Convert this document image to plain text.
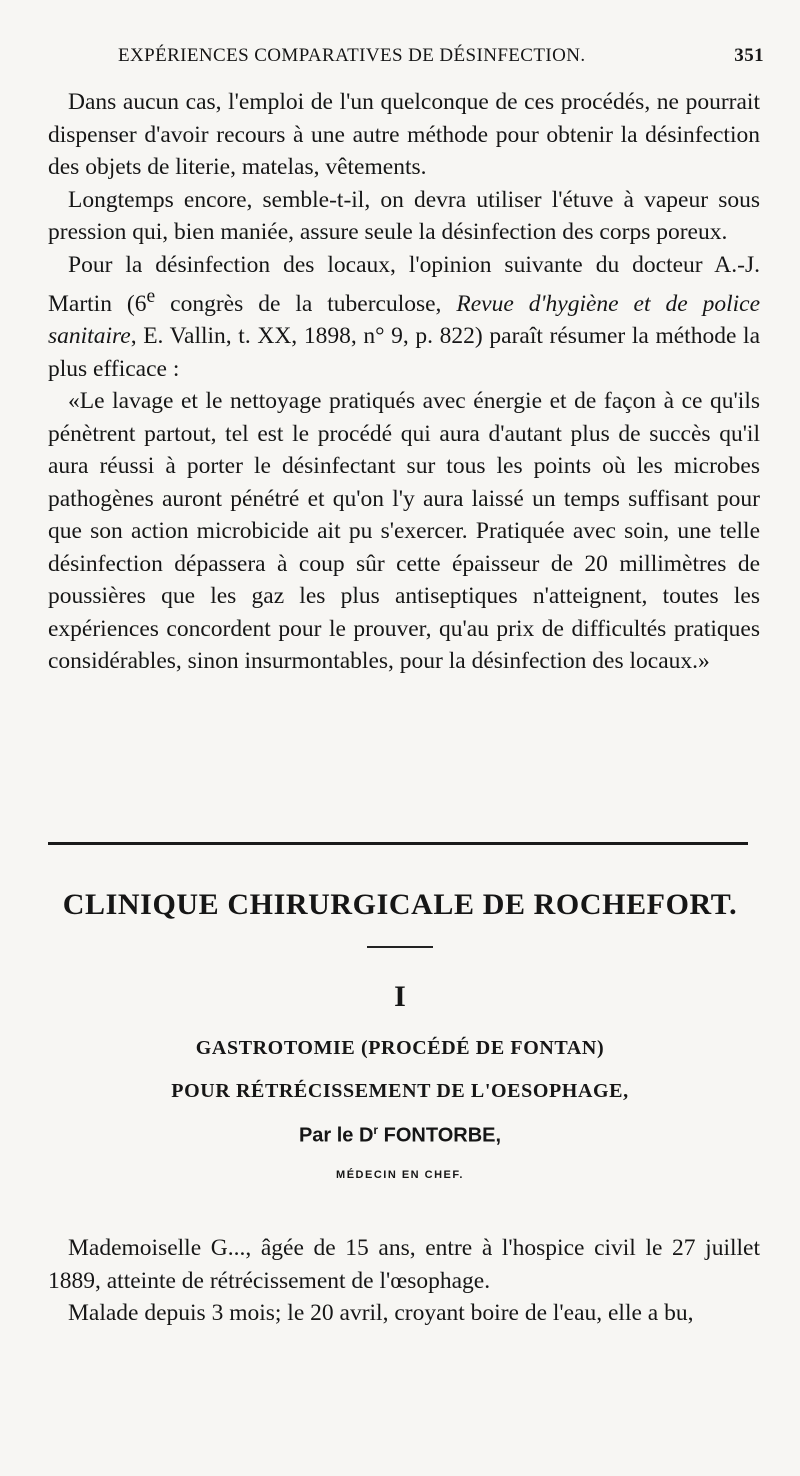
EXPÉRIENCES COMPARATIVES DE DÉSINFECTION.	351

Dans aucun cas, l'emploi de l'un quelconque de ces procédés, ne pourrait dispenser d'avoir recours à une autre méthode pour obtenir la désinfection des objets de literie, matelas, vêtements.

Longtemps encore, semble-t-il, on devra utiliser l'étuve à vapeur sous pression qui, bien maniée, assure seule la désinfection des corps poreux.

Pour la désinfection des locaux, l'opinion suivante du docteur A.-J. Martin (6e congrès de la tuberculose, Revue d'hygiène et de police sanitaire, E. Vallin, t. XX, 1898, n° 9, p. 822) paraît résumer la méthode la plus efficace :

«Le lavage et le nettoyage pratiqués avec énergie et de façon à ce qu'ils pénètrent partout, tel est le procédé qui aura d'autant plus de succès qu'il aura réussi à porter le désinfectant sur tous les points où les microbes pathogènes auront pénétré et qu'on l'y aura laissé un temps suffisant pour que son action microbicide ait pu s'exercer. Pratiquée avec soin, une telle désinfection dépassera à coup sûr cette épaisseur de 20 millimètres de poussières que les gaz les plus antiseptiques n'atteignent, toutes les expériences concordent pour le prouver, qu'au prix de difficultés pratiques considérables, sinon insurmontables, pour la désinfection des locaux.»

CLINIQUE CHIRURGICALE DE ROCHEFORT.
I
GASTROTOMIE (PROCÉDÉ DE FONTAN)
POUR RÉTRÉCISSEMENT DE L'OESOPHAGE,
Par le $D^r$ FONTORBE,
MÉDECIN EN CHEF.

Mademoiselle G..., âgée de 15 ans, entre à l'hospice civil le 27 juillet 1889, atteinte de rétrécissement de l'œsophage.

Malade depuis 3 mois; le 20 avril, croyant boire de l'eau, elle a bu,
